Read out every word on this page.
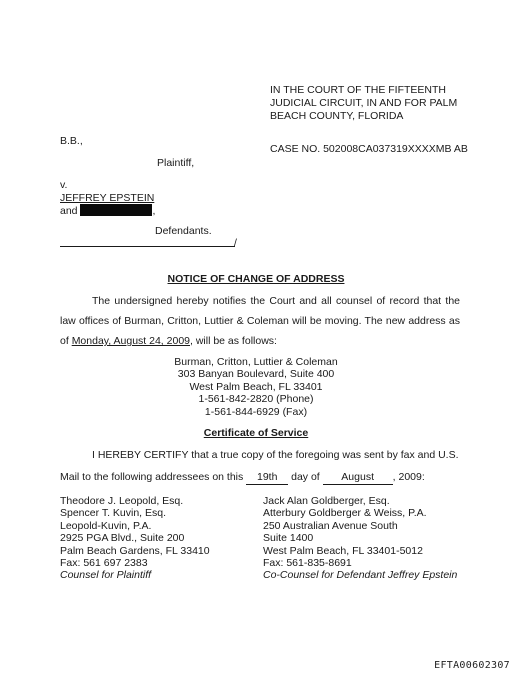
IN THE COURT OF THE FIFTEENTH
JUDICIAL CIRCUIT, IN AND FOR PALM
BEACH COUNTY, FLORIDA
B.B.,
CASE NO. 502008CA037319XXXXMB AB
Plaintiff,
v.
JEFFREY EPSTEIN
and	,
Defendants.
/
NOTICE OF CHANGE OF ADDRESS
The undersigned hereby notifies the Court and all counsel of record that the law offices of Burman, Critton, Luttier & Coleman will be moving. The new address as of Monday, August 24, 2009, will be as follows:
Burman, Critton, Luttier & Coleman
303 Banyan Boulevard, Suite 400
West Palm Beach, FL 33401
1-561-842-2820 (Phone)
1-561-844-6929 (Fax)
Certificate of Service
I HEREBY CERTIFY that a true copy of the foregoing was sent by fax and U.S.
Mail to the following addressees on this 19th day of August , 2009:
Theodore J. Leopold, Esq.
Spencer T. Kuvin, Esq.
Leopold-Kuvin, P.A.
2925 PGA Blvd., Suite 200
Palm Beach Gardens, FL 33410
Fax: 561 697 2383
Counsel for Plaintiff
Jack Alan Goldberger, Esq.
Atterbury Goldberger & Weiss, P.A.
250 Australian Avenue South
Suite 1400
West Palm Beach, FL 33401-5012
Fax: 561-835-8691
Co-Counsel for Defendant Jeffrey Epstein
EFTA00602307
